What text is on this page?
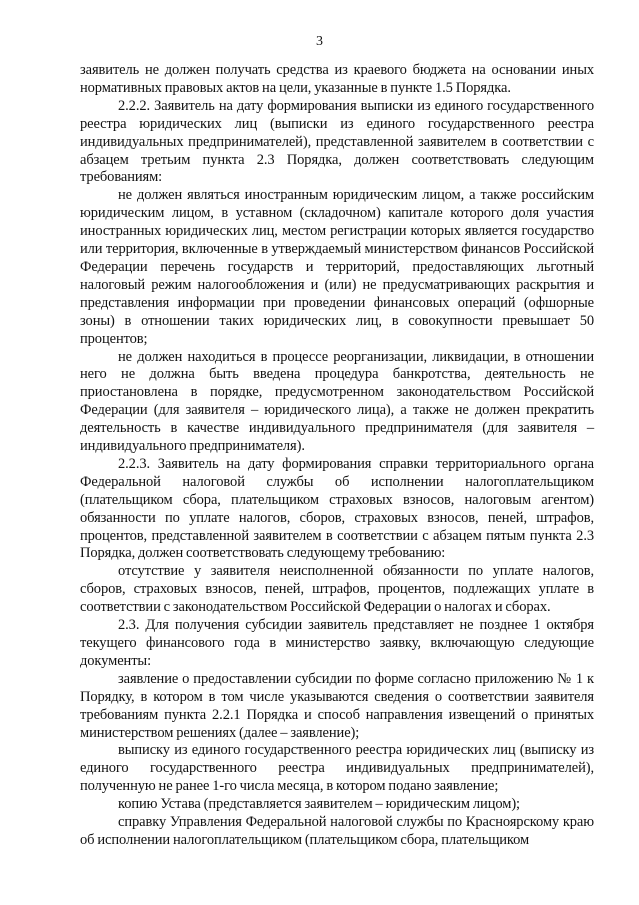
3

заявитель не должен получать средства из краевого бюджета на основании иных нормативных правовых актов на цели, указанные в пункте 1.5 Порядка.

2.2.2. Заявитель на дату формирования выписки из единого государственного реестра юридических лиц (выписки из единого государственного реестра индивидуальных предпринимателей), представленной заявителем в соответствии с абзацем третьим пункта 2.3 Порядка, должен соответствовать следующим требованиям:

не должен являться иностранным юридическим лицом, а также российским юридическим лицом, в уставном (складочном) капитале которого доля участия иностранных юридических лиц, местом регистрации которых является государство или территория, включенные в утверждаемый министерством финансов Российской Федерации перечень государств и территорий, предоставляющих льготный налоговый режим налогообложения и (или) не предусматривающих раскрытия и представления информации при проведении финансовых операций (офшорные зоны) в отношении таких юридических лиц, в совокупности превышает 50 процентов;

не должен находиться в процессе реорганизации, ликвидации, в отношении него не должна быть введена процедура банкротства, деятельность не приостановлена в порядке, предусмотренном законодательством Российской Федерации (для заявителя – юридического лица), а также не должен прекратить деятельность в качестве индивидуального предпринимателя (для заявителя – индивидуального предпринимателя).

2.2.3. Заявитель на дату формирования справки территориального органа Федеральной налоговой службы об исполнении налогоплательщиком (плательщиком сбора, плательщиком страховых взносов, налоговым агентом) обязанности по уплате налогов, сборов, страховых взносов, пеней, штрафов, процентов, представленной заявителем в соответствии с абзацем пятым пункта 2.3 Порядка, должен соответствовать следующему требованию:

отсутствие у заявителя неисполненной обязанности по уплате налогов, сборов, страховых взносов, пеней, штрафов, процентов, подлежащих уплате в соответствии с законодательством Российской Федерации о налогах и сборах.

2.3. Для получения субсидии заявитель представляет не позднее 1 октября текущего финансового года в министерство заявку, включающую следующие документы:

заявление о предоставлении субсидии по форме согласно приложению № 1 к Порядку, в котором в том числе указываются сведения о соответствии заявителя требованиям пункта 2.2.1 Порядка и способ направления извещений о принятых министерством решениях (далее – заявление);

выписку из единого государственного реестра юридических лиц (выписку из единого государственного реестра индивидуальных предпринимателей), полученную не ранее 1-го числа месяца, в котором подано заявление;

копию Устава (представляется заявителем – юридическим лицом);

справку Управления Федеральной налоговой службы по Красноярскому краю об исполнении налогоплательщиком (плательщиком сбора, плательщиком
